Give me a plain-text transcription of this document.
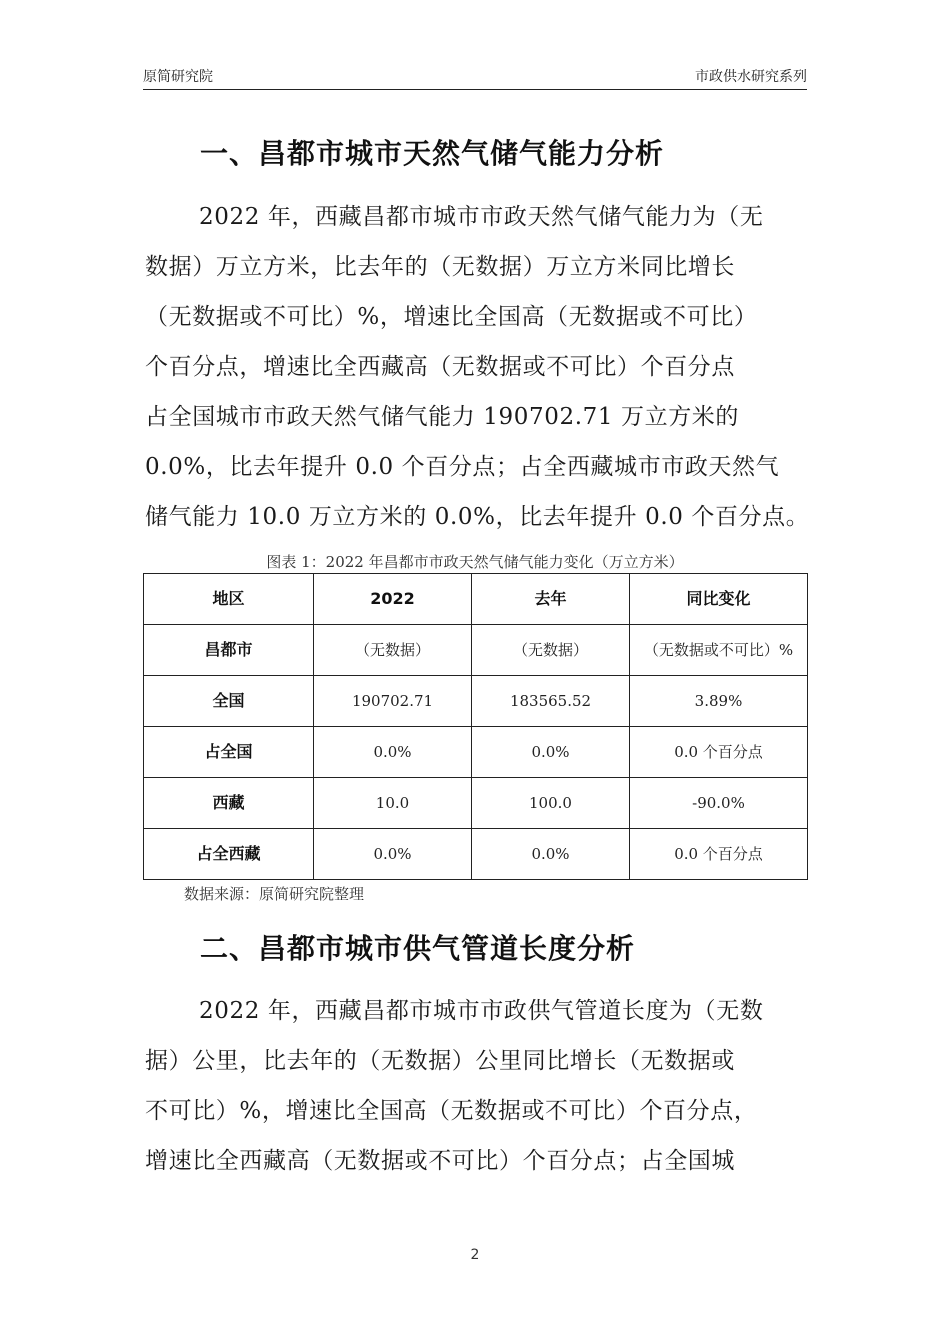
原简研究院	市政供水研究系列
一、昌都市城市天然气储气能力分析
2022 年，西藏昌都市城市市政天然气储气能力为（无
数据）万立方米，比去年的（无数据）万立方米同比增长
（无数据或不可比）%，增速比全国高（无数据或不可比）
个百分点，增速比全西藏高（无数据或不可比）个百分点
占全国城市市政天然气储气能力 190702.71 万立方米的
0.0%，比去年提升 0.0 个百分点；占全西藏城市市政天然气
储气能力 10.0 万立方米的 0.0%，比去年提升 0.0 个百分点。
图表 1：2022 年昌都市市政天然气储气能力变化（万立方米）
地区	2022	去年	同比变化
昌都市	（无数据）	（无数据）	（无数据或不可比）%
全国	190702.71	183565.52	3.89%
占全国	0.0%	0.0%	0.0 个百分点
西藏	10.0	100.0	-90.0%
占全西藏	0.0%	0.0%	0.0 个百分点
数据来源：原简研究院整理
二、昌都市城市供气管道长度分析
2022 年，西藏昌都市城市市政供气管道长度为（无数
据）公里，比去年的（无数据）公里同比增长（无数据或
不可比）%，增速比全国高（无数据或不可比）个百分点，
增速比全西藏高（无数据或不可比）个百分点；占全国城
2
